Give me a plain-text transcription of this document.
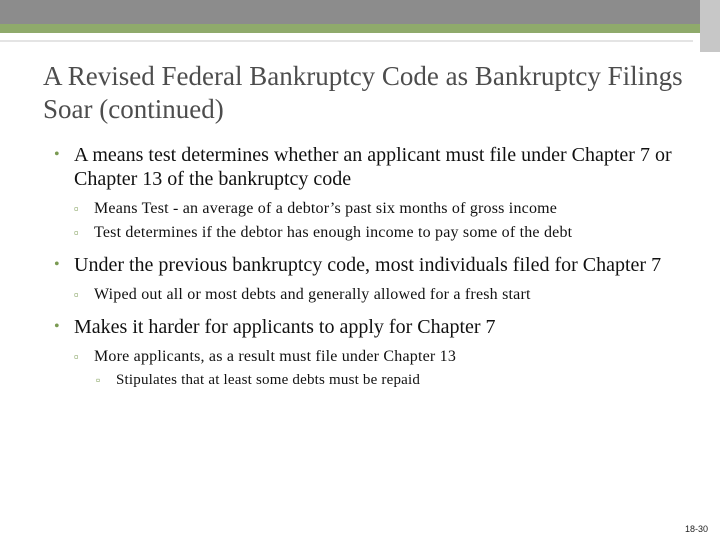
A Revised Federal Bankruptcy Code as Bankruptcy Filings Soar (continued)
• A means test determines whether an applicant must file under Chapter 7 or Chapter 13 of the bankruptcy code
▫ Means Test - an average of a debtor’s past six months of gross income
▫ Test determines if the debtor has enough income to pay some of the debt
• Under the previous bankruptcy code, most individuals filed for Chapter 7
▫ Wiped out all or most debts and generally allowed for a fresh start
• Makes it harder for applicants to apply for Chapter 7
▫ More applicants, as a result must file under Chapter 13
▫ Stipulates that at least some debts must be repaid
18-30
